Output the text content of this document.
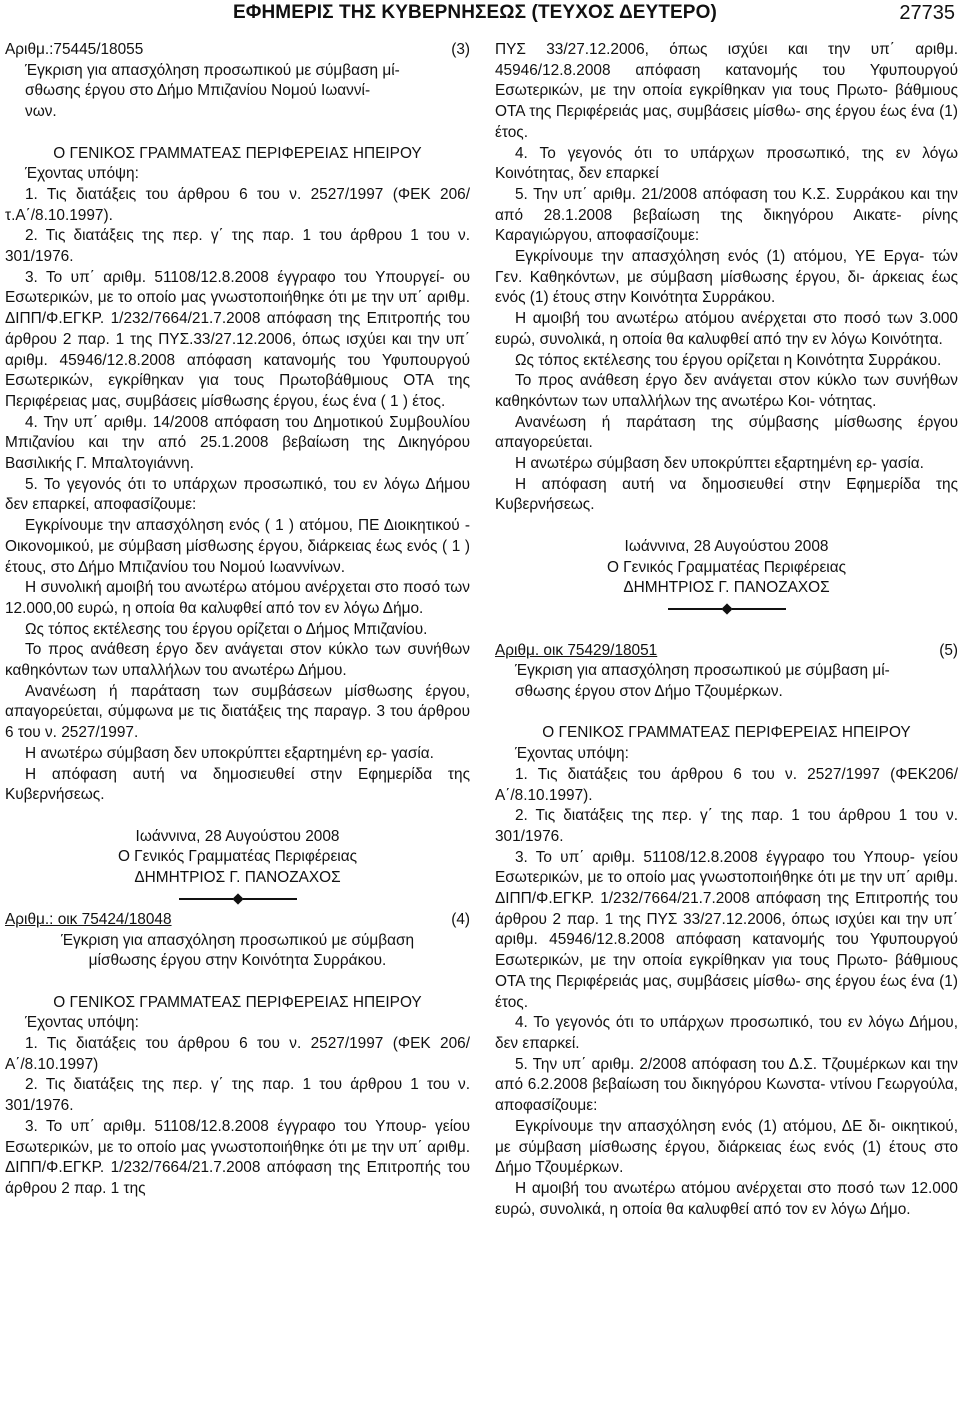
ΕΦΗΜΕΡΙΣ ΤΗΣ ΚΥΒΕΡΝΗΣΕΩΣ (ΤΕΥΧΟΣ ΔΕΥΤΕΡΟ)	27735
Αριθμ.:75445/18055	(3)

Έγκριση για απασχόληση προσωπικού με σύμβαση μί-

σθωσης έργου στο Δήμο Μπιζανίου Νομού Ιωαννί-

νων.

Ο ΓΕΝΙΚΟΣ ΓΡΑΜΜΑΤΕΑΣ ΠΕΡΙΦΕΡΕΙΑΣ ΗΠΕΙΡΟΥ

Έχοντας υπόψη:

1. Τις διατάξεις του άρθρου 6 του ν. 2527/1997 (ΦΕΚ 206/τ.Α΄/8.10.1997).

2. Τις διατάξεις της περ. γ΄ της παρ. 1 του άρθρου 1 του ν. 301/1976.

3. Το υπ΄ αριθμ. 51108/12.8.2008 έγγραφο του Υπουργεί- ου Εσωτερικών, με το οποίο μας γνωστοποιήθηκε ότι με την υπ΄ αριθμ. ΔΙΠΠ/Φ.ΕΓΚΡ. 1/232/7664/21.7.2008 απόφαση της Επιτροπής του άρθρου 2 παρ. 1 της ΠΥΣ.33/27.12.2006, όπως ισχύει και την υπ΄ αριθμ. 45946/12.8.2008 απόφαση κατανομής του Υφυπουργού Εσωτερικών, εγκρίθηκαν για τους Πρωτοβάθμιους ΟΤΑ της Περιφέρειας μας, συμβάσεις μίσθωσης έργου, έως ένα ( 1 ) έτος.

4. Την υπ΄ αριθμ. 14/2008 απόφαση του Δημοτικού Συμβουλίου Μπιζανίου και την από 25.1.2008 βεβαίωση της Δικηγόρου Βασιλικής Γ. Μπαλτογιάννη.

5. Το γεγονός ότι το υπάρχων προσωπικό, του εν λόγω Δήμου δεν επαρκεί, αποφασίζουμε:

Εγκρίνουμε την απασχόληση ενός ( 1 ) ατόμου, ΠΕ Διοικητικού - Οικονομικού, με σύμβαση μίσθωσης έργου, διάρκειας έως ενός ( 1 ) έτους, στο Δήμο Μπιζανίου του Νομού Ιωαννίνων.

Η συνολική αμοιβή του ανωτέρω ατόμου ανέρχεται στο ποσό των 12.000,00 ευρώ, η οποία θα καλυφθεί από τον εν λόγω Δήμο.

Ως τόπος εκτέλεσης του έργου ορίζεται ο Δήμος Μπιζανίου.

Το προς ανάθεση έργο δεν ανάγεται στον κύκλο των συνήθων καθηκόντων των υπαλλήλων του ανωτέρω Δήμου.

Ανανέωση ή παράταση των συμβάσεων μίσθωσης έργου, απαγορεύεται, σύμφωνα με τις διατάξεις της παραγρ. 3 του άρθρου 6 του ν. 2527/1997.

Η ανωτέρω σύμβαση δεν υποκρύπτει εξαρτημένη ερ- γασία.

Η απόφαση αυτή να δημοσιευθεί στην Εφημερίδα της Κυβερνήσεως.

Ιωάννινα, 28 Αυγούστου 2008

Ο Γενικός Γραμματέας Περιφέρειας

ΔΗΜΗΤΡΙΟΣ Γ. ΠΑΝΟΖΑΧΟΣ

Αριθμ.: οικ 75424/18048	(4)

Έγκριση για απασχόληση προσωπικού με σύμβαση

μίσθωσης έργου στην Κοινότητα Συρράκου.

Ο ΓΕΝΙΚΟΣ ΓΡΑΜΜΑΤΕΑΣ ΠΕΡΙΦΕΡΕΙΑΣ ΗΠΕΙΡΟΥ

Έχοντας υπόψη:

1. Τις διατάξεις του άρθρου 6 του ν. 2527/1997 (ΦΕΚ 206/Α΄/8.10.1997)

2. Τις διατάξεις της περ. γ΄ της παρ. 1 του άρθρου 1 του ν. 301/1976.

3. Το υπ΄ αριθμ. 51108/12.8.2008 έγγραφο του Υπουρ- γείου Εσωτερικών, με το οποίο μας γνωστοποιήθηκε ότι με την υπ΄ αριθμ. ΔΙΠΠ/Φ.ΕΓΚΡ. 1/232/7664/21.7.2008 απόφαση της Επιτροπής του άρθρου 2 παρ. 1 της

ΠΥΣ 33/27.12.2006, όπως ισχύει και την υπ΄ αριθμ. 45946/12.8.2008 απόφαση κατανομής του Υφυπουργού Εσωτερικών, με την οποία εγκρίθηκαν για τους Πρωτο- βάθμιους ΟΤΑ της Περιφέρειάς μας, συμβάσεις μίσθω- σης έργου έως ένα (1) έτος.

4. Το γεγονός ότι το υπάρχων προσωπικό, της εν λόγω Κοινότητας, δεν επαρκεί

5. Την υπ΄ αριθμ. 21/2008 απόφαση του Κ.Σ. Συρράκου και την από 28.1.2008 βεβαίωση της δικηγόρου Αικατε- ρίνης Καραγιώργου, αποφασίζουμε:

Εγκρίνουμε την απασχόληση ενός (1) ατόμου, ΥΕ Εργα- τών Γεν. Καθηκόντων, με σύμβαση μίσθωσης έργου, δι- άρκειας έως ενός (1) έτους στην Κοινότητα Συρράκου.

Η αμοιβή του ανωτέρω ατόμου ανέρχεται στο ποσό των 3.000 ευρώ, συνολικά, η οποία θα καλυφθεί από την εν λόγω Κοινότητα.

Ως τόπος εκτέλεσης του έργου ορίζεται η Κοινότητα Συρράκου.

Το προς ανάθεση έργο δεν ανάγεται στον κύκλο των συνήθων καθηκόντων των υπαλλήλων της ανωτέρω Κοι- νότητας.

Ανανέωση ή παράταση της σύμβασης μίσθωσης έργου απαγορεύεται.

Η ανωτέρω σύμβαση δεν υποκρύπτει εξαρτημένη ερ- γασία.

Η απόφαση αυτή να δημοσιευθεί στην Εφημερίδα της Κυβερνήσεως.

Ιωάννινα, 28 Αυγούστου 2008

Ο Γενικός Γραμματέας Περιφέρειας

ΔΗΜΗΤΡΙΟΣ Γ. ΠΑΝΟΖΑΧΟΣ

Αριθμ. οικ 75429/18051	(5)

Έγκριση για απασχόληση προσωπικού με σύμβαση μί-

σθωσης έργου στον Δήμο Τζουμέρκων.

Ο ΓΕΝΙΚΟΣ ΓΡΑΜΜΑΤΕΑΣ ΠΕΡΙΦΕΡΕΙΑΣ ΗΠΕΙΡΟΥ

Έχοντας υπόψη:

1. Τις διατάξεις του άρθρου 6 του ν. 2527/1997 (ΦΕΚ206/ Α΄/8.10.1997).

2. Τις διατάξεις της περ. γ΄ της παρ. 1 του άρθρου 1 του ν. 301/1976.

3. Το υπ΄ αριθμ. 51108/12.8.2008 έγγραφο του Υπουρ- γείου Εσωτερικών, με το οποίο μας γνωστοποιήθηκε ότι με την υπ΄ αριθμ. ΔΙΠΠ/Φ.ΕΓΚΡ. 1/232/7664/21.7.2008 απόφαση της Επιτροπής του άρθρου 2 παρ. 1 της ΠΥΣ 33/27.12.2006, όπως ισχύει και την υπ΄ αριθμ. 45946/12.8.2008 απόφαση κατανομής του Υφυπουργού Εσωτερικών, με την οποία εγκρίθηκαν για τους Πρωτο- βάθμιους ΟΤΑ της Περιφέρειάς μας, συμβάσεις μίσθω- σης έργου έως ένα (1) έτος.

4. Το γεγονός ότι το υπάρχων προσωπικό, του εν λόγω Δήμου, δεν επαρκεί.

5. Την υπ΄ αριθμ. 2/2008 απόφαση του Δ.Σ. Τζουμέρκων και την από 6.2.2008 βεβαίωση του δικηγόρου Κωνστα- ντίνου Γεωργούλα, αποφασίζουμε:

Εγκρίνουμε την απασχόληση ενός (1) ατόμου, ΔΕ δι- οικητικού, με σύμβαση μίσθωσης έργου, διάρκειας έως ενός (1) έτους στο Δήμο Τζουμέρκων.

Η αμοιβή του ανωτέρω ατόμου ανέρχεται στο ποσό των 12.000 ευρώ, συνολικά, η οποία θα καλυφθεί από τον εν λόγω Δήμο.
